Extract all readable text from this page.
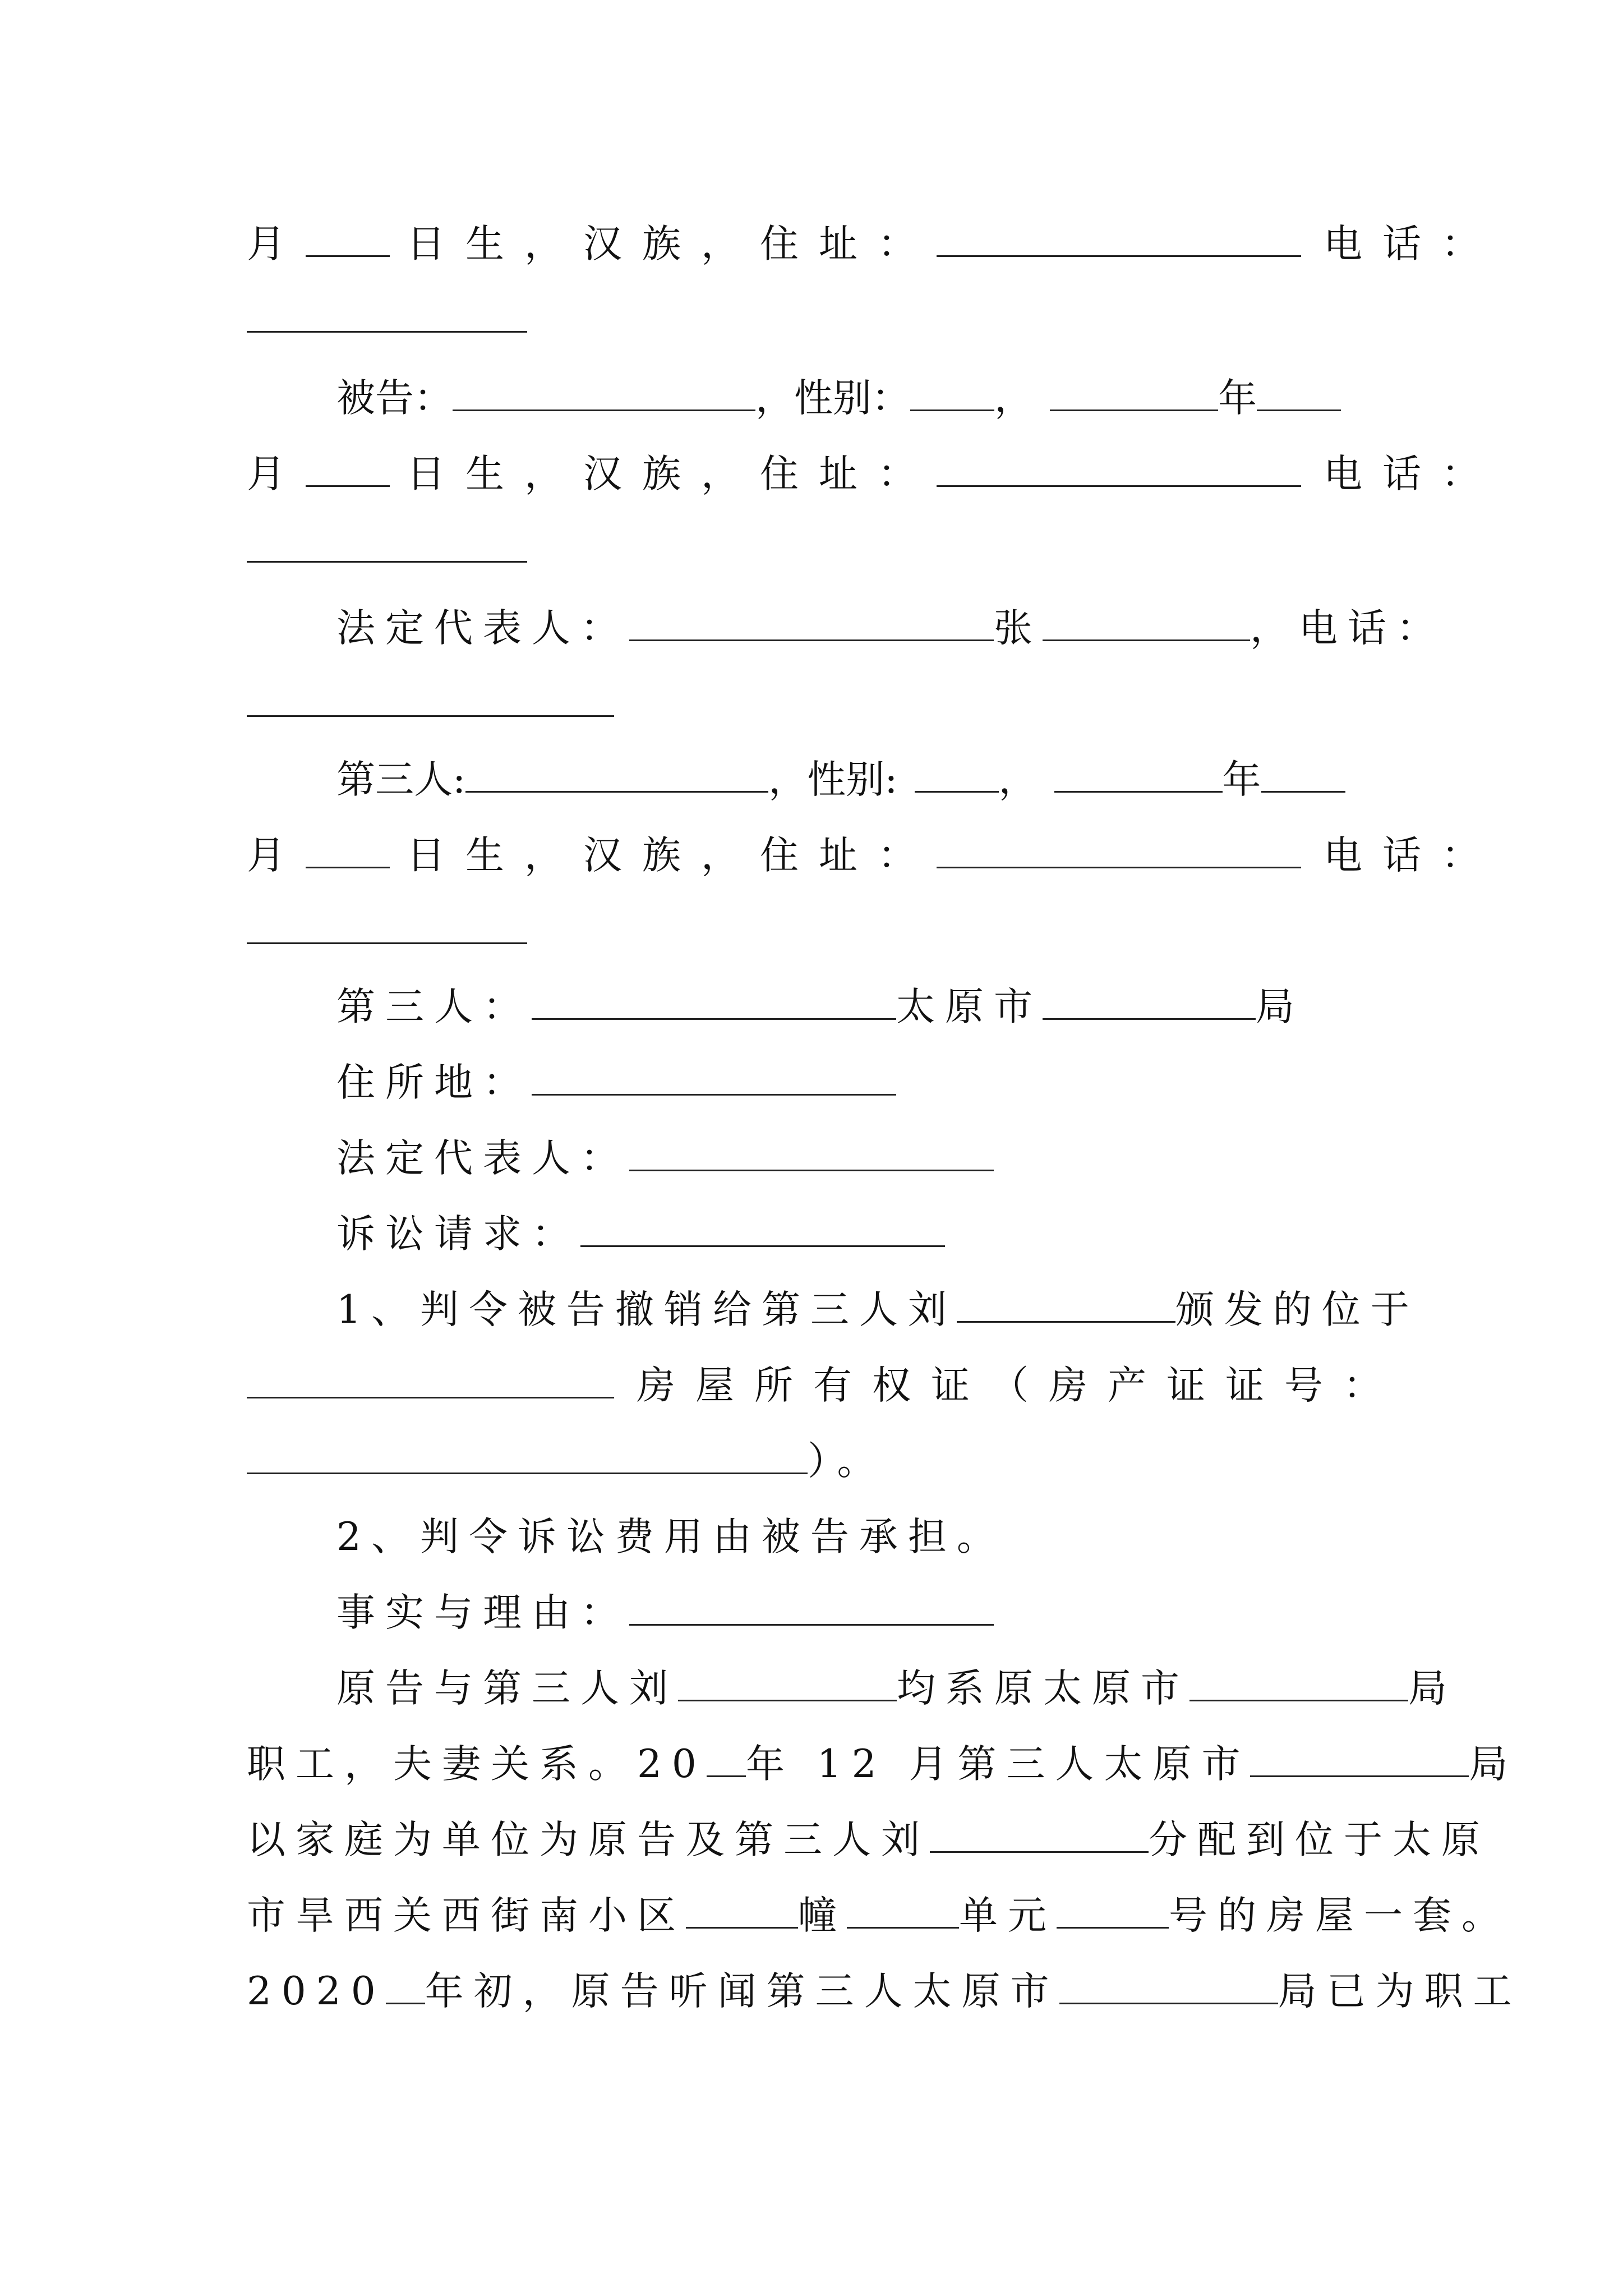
月	日生，汉族，住址：	电话：
被告：	，性别： ，	年
月	日生，汉族，住址：	电话：
法定代表人：	张	，电话：
第三人:	，性别:	，	年
月	日生，汉族，住址：	电话：
第三人：	太原市	局
住所地：
法定代表人：
诉讼请求：
1、判令被告撤销给第三人刘	颁发的位于
房屋所有权证（房产证证号：
）。
2、判令诉讼费用由被告承担。
事实与理由：
原告与第三人刘	均系原太原市	局
职工，夫妻关系。20 年 12 月第三人太原市	局
以家庭为单位为原告及第三人刘	分配到位于太原
市旱西关西街南小区	幢	单元	号的房屋一套。
2020 年初，原告听闻第三人太原市	局已为职工
